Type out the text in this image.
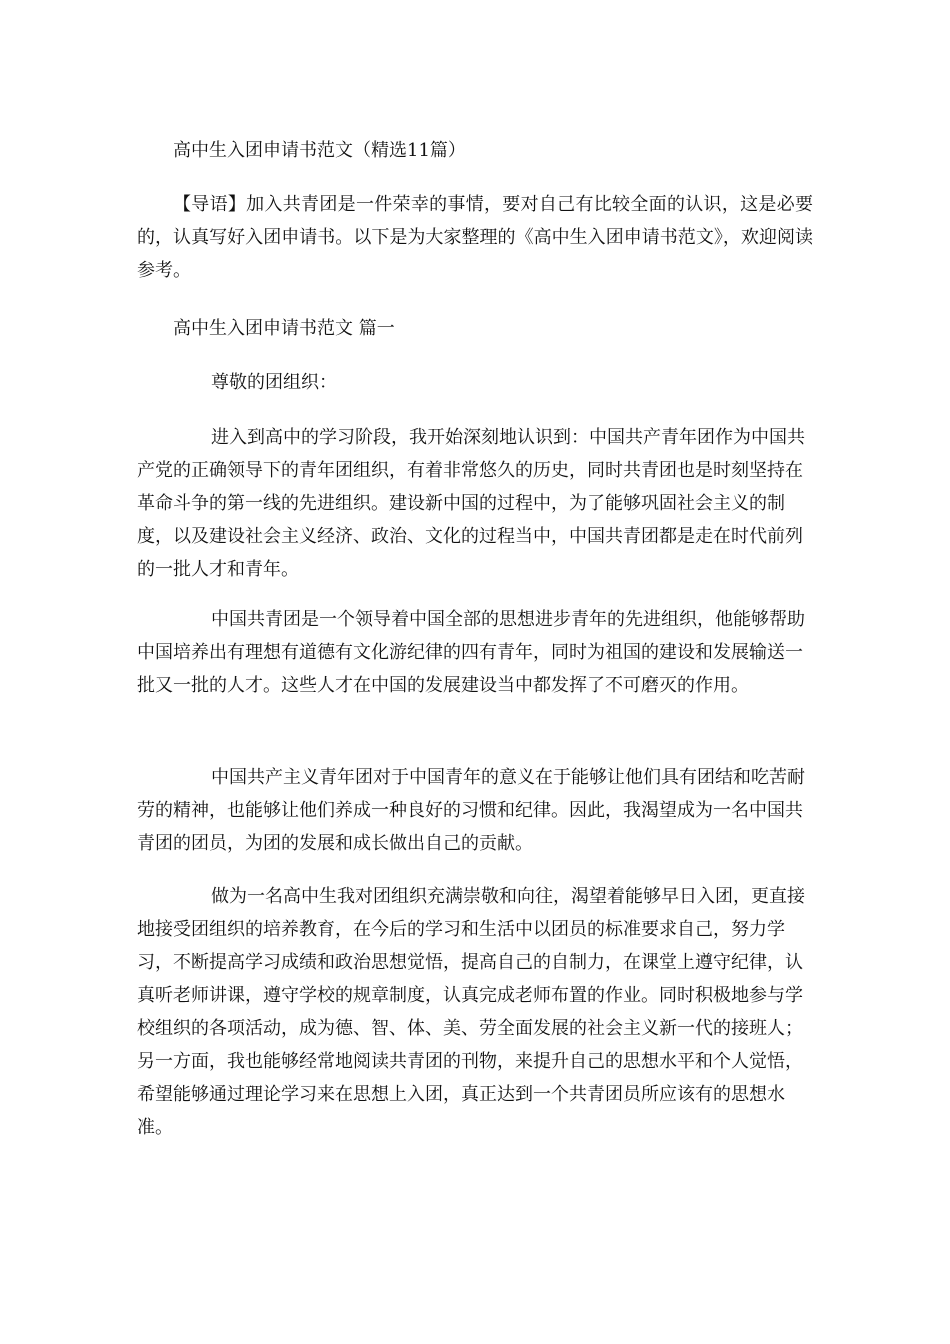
高中生入团申请书范文（精选11篇）

【导语】加入共青团是一件荣幸的事情，要对自己有比较全面的认识，这是必要的，认真写好入团申请书。以下是为大家整理的《高中生入团申请书范文》，欢迎阅读参考。

高中生入团申请书范文 篇一

尊敬的团组织：

进入到高中的学习阶段，我开始深刻地认识到：中国共产青年团作为中国共产党的正确领导下的青年团组织，有着非常悠久的历史，同时共青团也是时刻坚持在革命斗争的第一线的先进组织。建设新中国的过程中，为了能够巩固社会主义的制度，以及建设社会主义经济、政治、文化的过程当中，中国共青团都是走在时代前列的一批人才和青年。

中国共青团是一个领导着中国全部的思想进步青年的先进组织，他能够帮助中国培养出有理想有道德有文化游纪律的四有青年，同时为祖国的建设和发展输送一批又一批的人才。这些人才在中国的发展建设当中都发挥了不可磨灭的作用。

中国共产主义青年团对于中国青年的意义在于能够让他们具有团结和吃苦耐劳的精神，也能够让他们养成一种良好的习惯和纪律。因此，我渴望成为一名中国共青团的团员，为团的发展和成长做出自己的贡献。

做为一名高中生我对团组织充满崇敬和向往，渴望着能够早日入团，更直接地接受团组织的培养教育，在今后的学习和生活中以团员的标准要求自己，努力学习，不断提高学习成绩和政治思想觉悟，提高自己的自制力，在课堂上遵守纪律，认真听老师讲课，遵守学校的规章制度，认真完成老师布置的作业。同时积极地参与学校组织的各项活动，成为德、智、体、美、劳全面发展的社会主义新一代的接班人；另一方面，我也能够经常地阅读共青团的刊物，来提升自己的思想水平和个人觉悟，希望能够通过理论学习来在思想上入团，真正达到一个共青团员所应该有的思想水准。
